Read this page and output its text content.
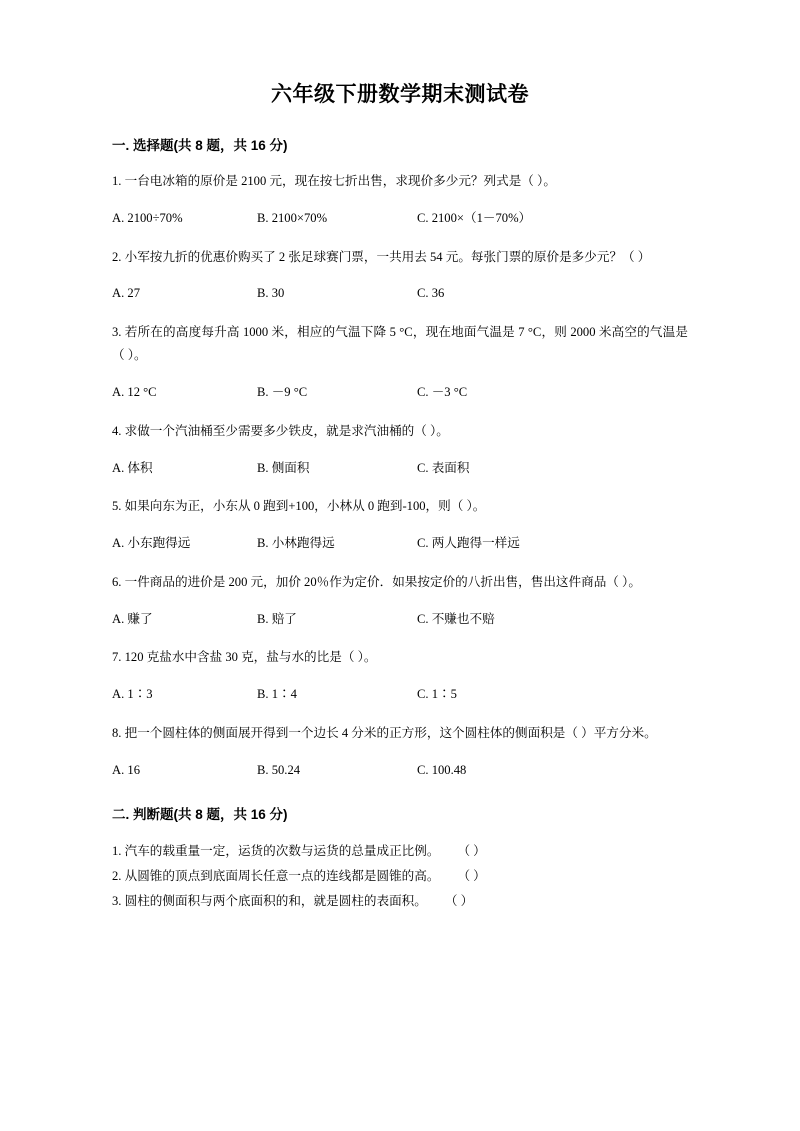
六年级下册数学期末测试卷
一. 选择题(共 8 题，共 16 分)

1. 一台电冰箱的原价是 2100 元，现在按七折出售，求现价多少元？列式是（ ）。

A. 2100÷70%	B. 2100×70%	C. 2100×（1－70%）

2. 小军按九折的优惠价购买了 2 张足球赛门票，一共用去 54 元。每张门票的原价是多少元？（ ）

A. 27	B. 30	C. 36

3. 若所在的高度每升高 1000 米，相应的气温下降 5 °C，现在地面气温是 7 °C，则 2000 米高空的气温是（ ）。

A. 12 °C	B. －9 °C	C. －3 °C

4. 求做一个汽油桶至少需要多少铁皮，就是求汽油桶的（ ）。

A. 体积	B. 侧面积	C. 表面积

5. 如果向东为正，小东从 0 跑到+100，小林从 0 跑到-100，则（ ）。

A. 小东跑得远	B. 小林跑得远	C. 两人跑得一样远

6. 一件商品的进价是 200 元，加价 20％作为定价．如果按定价的八折出售，售出这件商品（ ）。

A. 赚了	B. 赔了	C. 不赚也不赔

7. 120 克盐水中含盐 30 克，盐与水的比是（ ）。

A. 1∶3	B. 1∶4	C. 1∶5

8. 把一个圆柱体的侧面展开得到一个边长 4 分米的正方形，这个圆柱体的侧面积是（ ）平方分米。

A. 16	B. 50.24	C. 100.48
二. 判断题(共 8 题，共 16 分)

1. 汽车的载重量一定，运货的次数与运货的总量成正比例。 （ ）

2. 从圆锥的顶点到底面周长任意一点的连线都是圆锥的高。 （ ）

3. 圆柱的侧面积与两个底面积的和，就是圆柱的表面积。 （ ）
